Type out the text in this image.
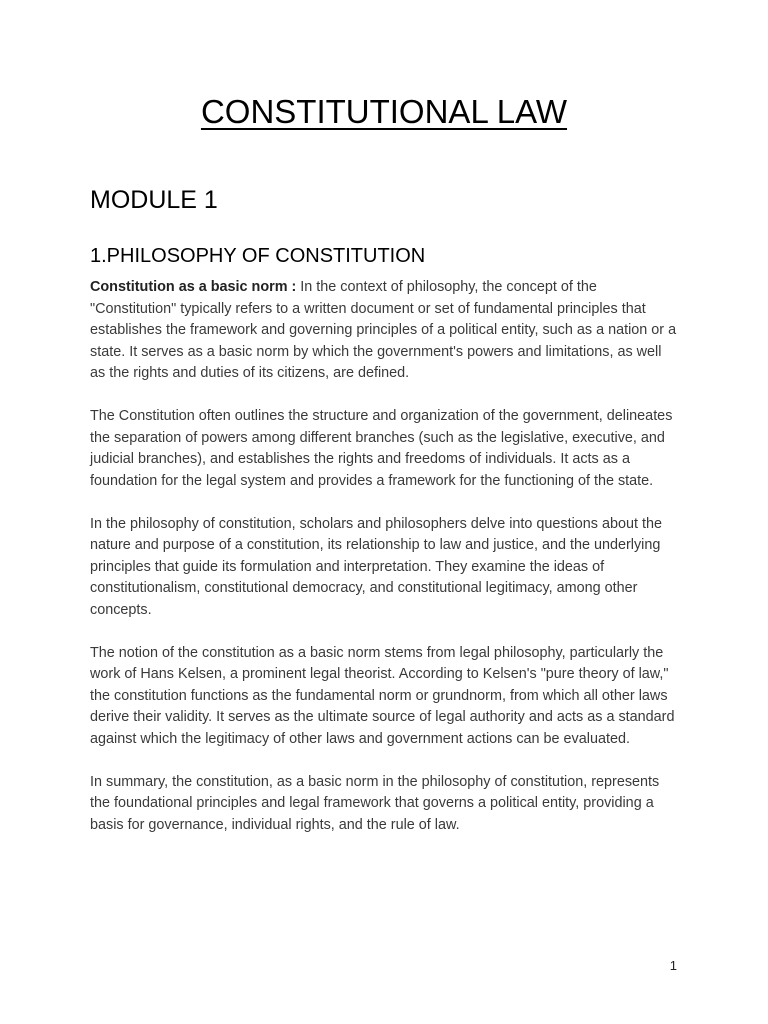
CONSTITUTIONAL LAW
MODULE 1
1.PHILOSOPHY OF CONSTITUTION

Constitution as a basic norm : In the context of philosophy, the concept of the "Constitution" typically refers to a written document or set of fundamental principles that establishes the framework and governing principles of a political entity, such as a nation or a state. It serves as a basic norm by which the government's powers and limitations, as well as the rights and duties of its citizens, are defined.

The Constitution often outlines the structure and organization of the government, delineates the separation of powers among different branches (such as the legislative, executive, and judicial branches), and establishes the rights and freedoms of individuals. It acts as a foundation for the legal system and provides a framework for the functioning of the state.

In the philosophy of constitution, scholars and philosophers delve into questions about the nature and purpose of a constitution, its relationship to law and justice, and the underlying principles that guide its formulation and interpretation. They examine the ideas of constitutionalism, constitutional democracy, and constitutional legitimacy, among other concepts.

The notion of the constitution as a basic norm stems from legal philosophy, particularly the work of Hans Kelsen, a prominent legal theorist. According to Kelsen's "pure theory of law," the constitution functions as the fundamental norm or grundnorm, from which all other laws derive their validity. It serves as the ultimate source of legal authority and acts as a standard against which the legitimacy of other laws and government actions can be evaluated.

In summary, the constitution, as a basic norm in the philosophy of constitution, represents the foundational principles and legal framework that governs a political entity, providing a basis for governance, individual rights, and the rule of law.

1
